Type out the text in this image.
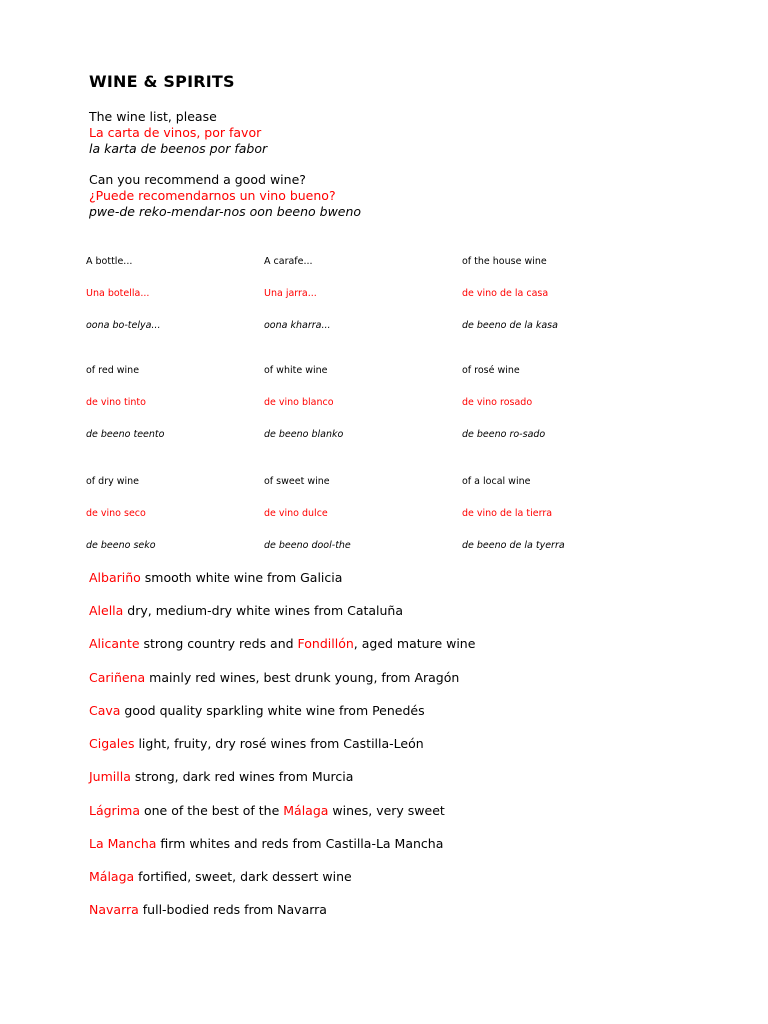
WINE & SPIRITS
The wine list, please
La carta de vinos, por favor
la karta de beenos por fabor
Can you recommend a good wine?
¿Puede recomendarnos un vino bueno?
pwe-de reko-mendar-nos oon beeno bweno
A bottle...
Una botella...
oona bo-telya...
A carafe...
Una jarra...
oona kharra...
of the house wine
de vino de la casa
de beeno de la kasa
of red wine
de vino tinto
de beeno teento
of white wine
de vino blanco
de beeno blanko
of rosé wine
de vino rosado
de beeno ro-sado
of dry wine
de vino seco
de beeno seko
of sweet wine
de vino dulce
de beeno dool-the
of a local wine
de vino de la tierra
de beeno de la tyerra
Albariño smooth white wine from Galicia
Alella dry, medium-dry white wines from Cataluña
Alicante strong country reds and Fondillón, aged mature wine
Cariñena mainly red wines, best drunk young, from Aragón
Cava good quality sparkling white wine from Penedés
Cigales light, fruity, dry rosé wines from Castilla-León
Jumilla strong, dark red wines from Murcia
Lágrima one of the best of the Málaga wines, very sweet
La Mancha firm whites and reds from Castilla-La Mancha
Málaga fortified, sweet, dark dessert wine
Navarra full-bodied reds from Navarra
